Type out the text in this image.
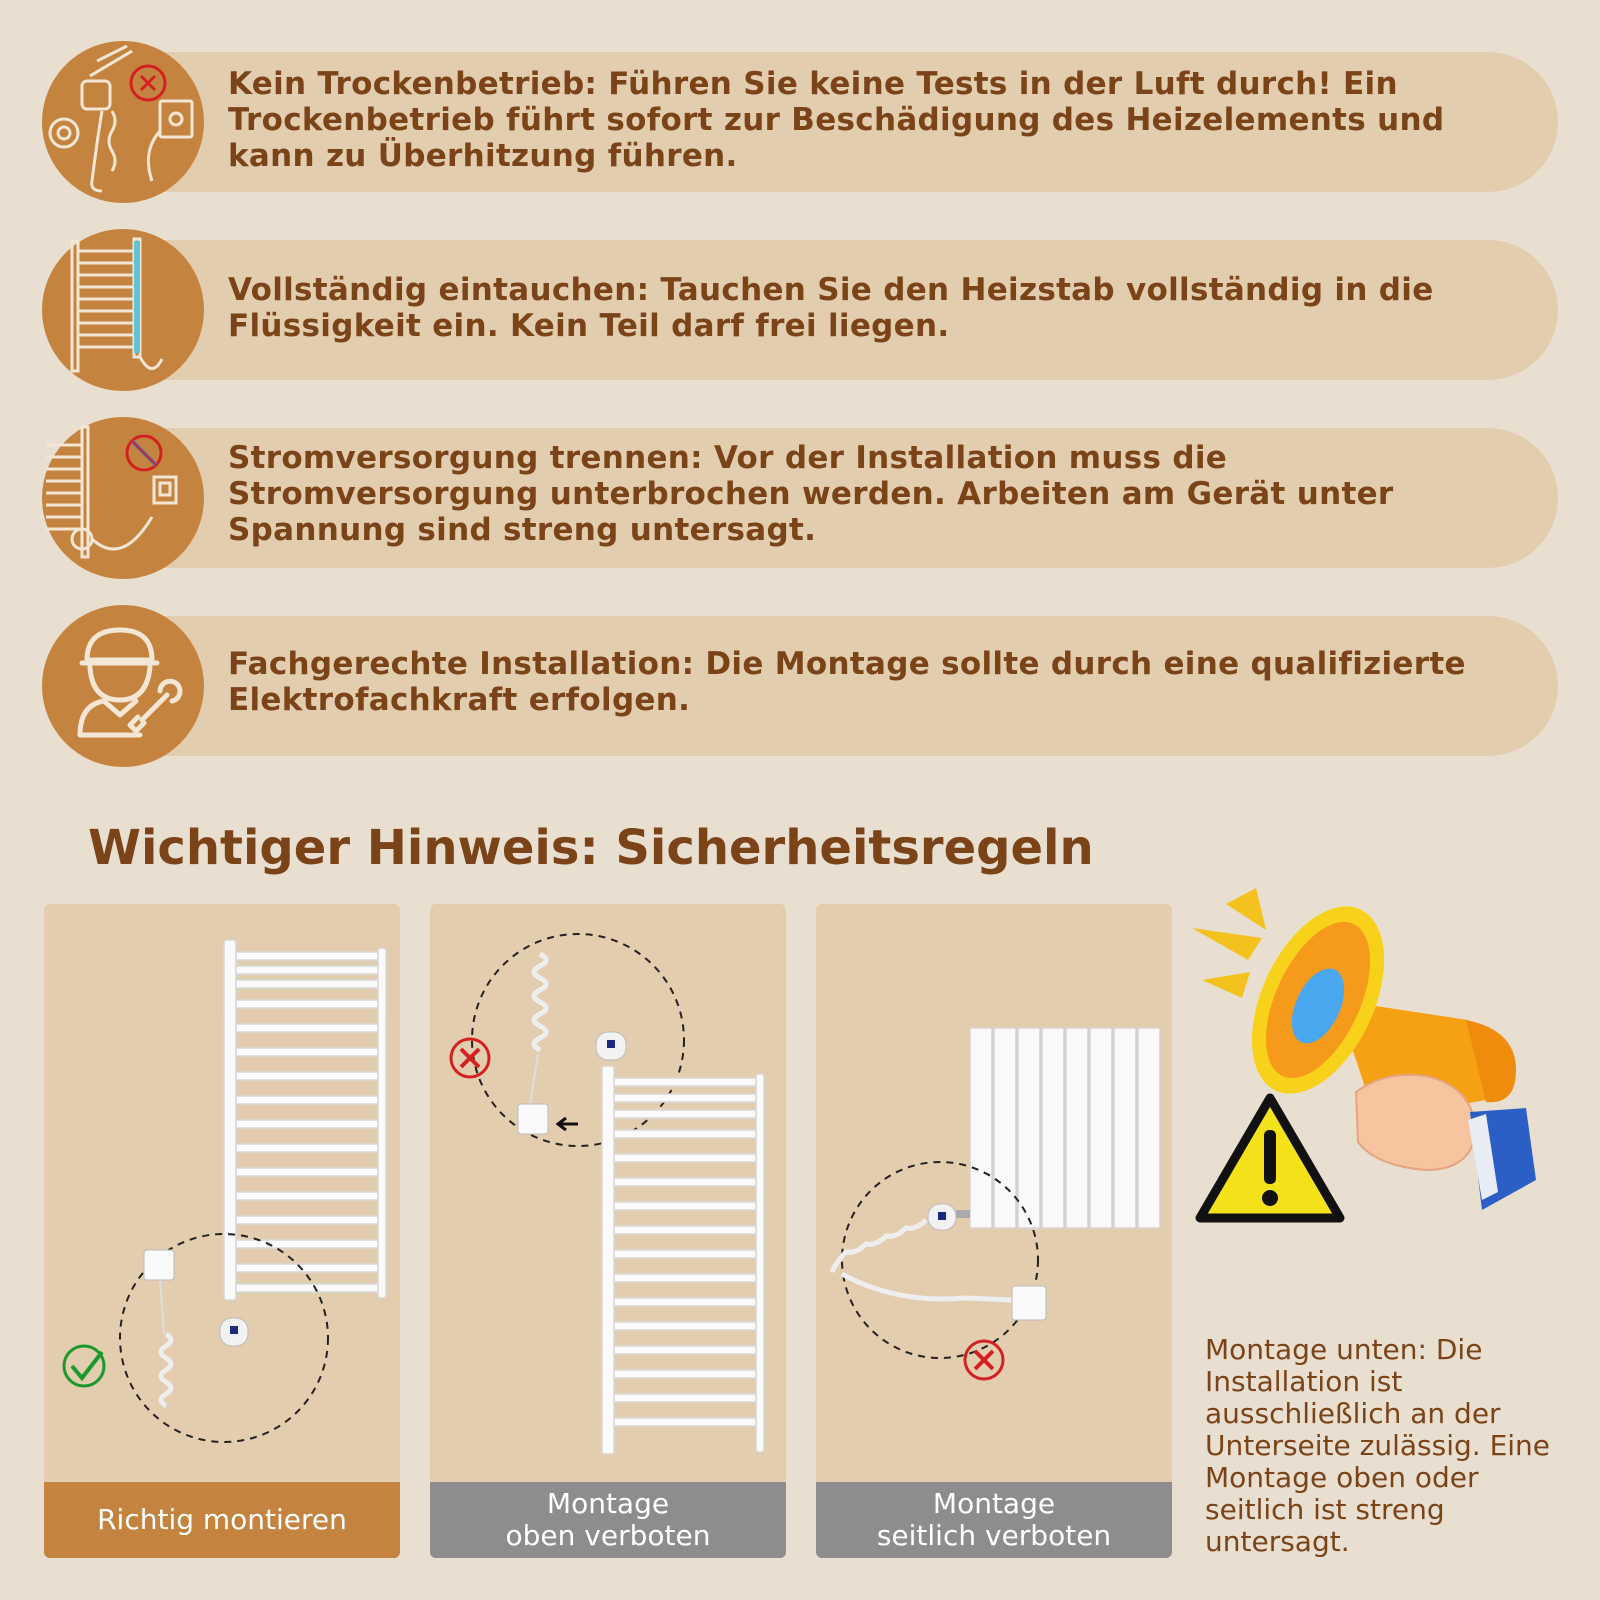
Kein Trockenbetrieb: Führen Sie keine Tests in der Luft durch! Ein Trockenbetrieb führt sofort zur Beschädigung des Heizelements und kann zu Überhitzung führen.
Vollständig eintauchen: Tauchen Sie den Heizstab vollständig in die Flüssigkeit ein. Kein Teil darf frei liegen.
Stromversorgung trennen: Vor der Installation muss die Stromversorgung unterbrochen werden. Arbeiten am Gerät unter Spannung sind streng untersagt.
Fachgerechte Installation: Die Montage sollte durch eine qualifizierte Elektrofachkraft erfolgen.
Wichtiger Hinweis: Sicherheitsregeln
Richtig montieren	Montage
oben verboten
Montage
seitlich verboten
Montage unten: Die Installation ist ausschließlich an der Unterseite zulässig. Eine Montage oben oder seitlich ist streng untersagt.
